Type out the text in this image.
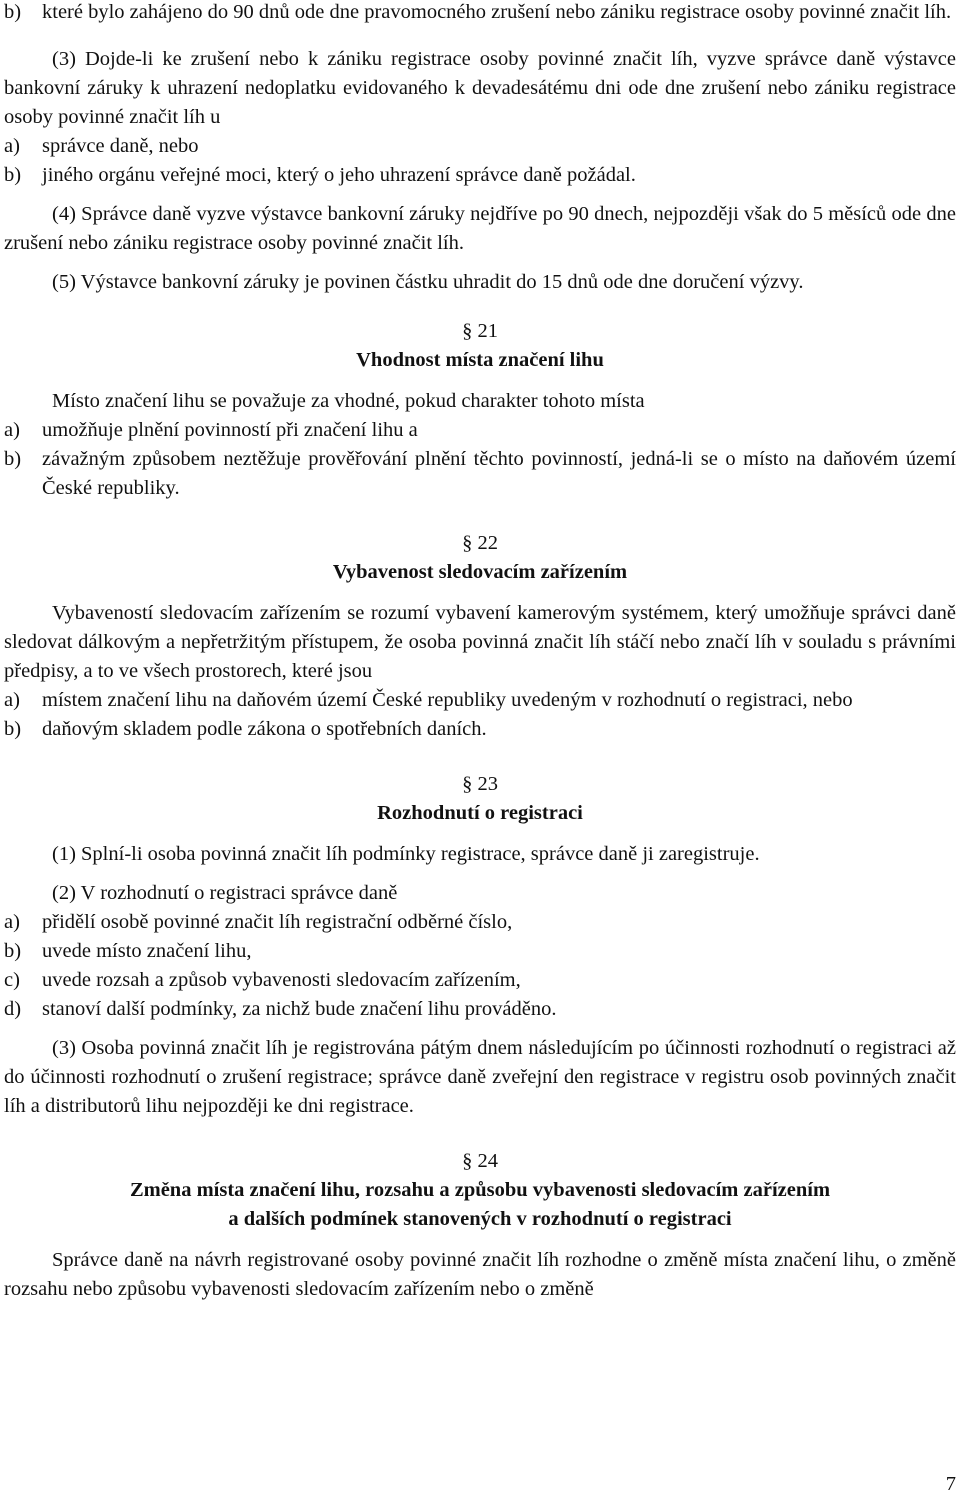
b)	které bylo zahájeno do 90 dnů ode dne pravomocného zrušení nebo zániku registrace osoby povinné značit líh.

(3) Dojde-li ke zrušení nebo k zániku registrace osoby povinné značit líh, vyzve správce daně výstavce bankovní záruky k uhrazení nedoplatku evidovaného k devadesátému dni ode dne zrušení nebo zániku registrace osoby povinné značit líh u

a)	správce daně, nebo

b)	jiného orgánu veřejné moci, který o jeho uhrazení správce daně požádal.

(4) Správce daně vyzve výstavce bankovní záruky nejdříve po 90 dnech, nejpozději však do 5 měsíců ode dne zrušení nebo zániku registrace osoby povinné značit líh.

(5) Výstavce bankovní záruky je povinen částku uhradit do 15 dnů ode dne doručení výzvy.

§ 21

Vhodnost místa značení lihu

Místo značení lihu se považuje za vhodné, pokud charakter tohoto místa

a)	umožňuje plnění povinností při značení lihu a

b)	závažným způsobem neztěžuje prověřování plnění těchto povinností, jedná-li se o místo na daňovém území České republiky.

§ 22

Vybavenost sledovacím zařízením

Vybaveností sledovacím zařízením se rozumí vybavení kamerovým systémem, který umožňuje správci daně sledovat dálkovým a nepřetržitým přístupem, že osoba povinná značit líh stáčí nebo značí líh v souladu s právními předpisy, a to ve všech prostorech, které jsou

a)	místem značení lihu na daňovém území České republiky uvedeným v rozhodnutí o registraci, nebo

b)	daňovým skladem podle zákona o spotřebních daních.

§ 23

Rozhodnutí o registraci

(1) Splní-li osoba povinná značit líh podmínky registrace, správce daně ji zaregistruje.

(2) V rozhodnutí o registraci správce daně

a)	přidělí osobě povinné značit líh registrační odběrné číslo,

b)	uvede místo značení lihu,

c)	uvede rozsah a způsob vybavenosti sledovacím zařízením,

d)	stanoví další podmínky, za nichž bude značení lihu prováděno.

(3) Osoba povinná značit líh je registrována pátým dnem následujícím po účinnosti rozhodnutí o registraci až do účinnosti rozhodnutí o zrušení registrace; správce daně zveřejní den registrace v registru osob povinných značit líh a distributorů lihu nejpozději ke dni registrace.

§ 24

Změna místa značení lihu, rozsahu a způsobu vybavenosti sledovacím zařízením

a dalších podmínek stanovených v rozhodnutí o registraci

Správce daně na návrh registrované osoby povinné značit líh rozhodne o změně místa značení lihu, o změně rozsahu nebo způsobu vybavenosti sledovacím zařízením nebo o změně

7
